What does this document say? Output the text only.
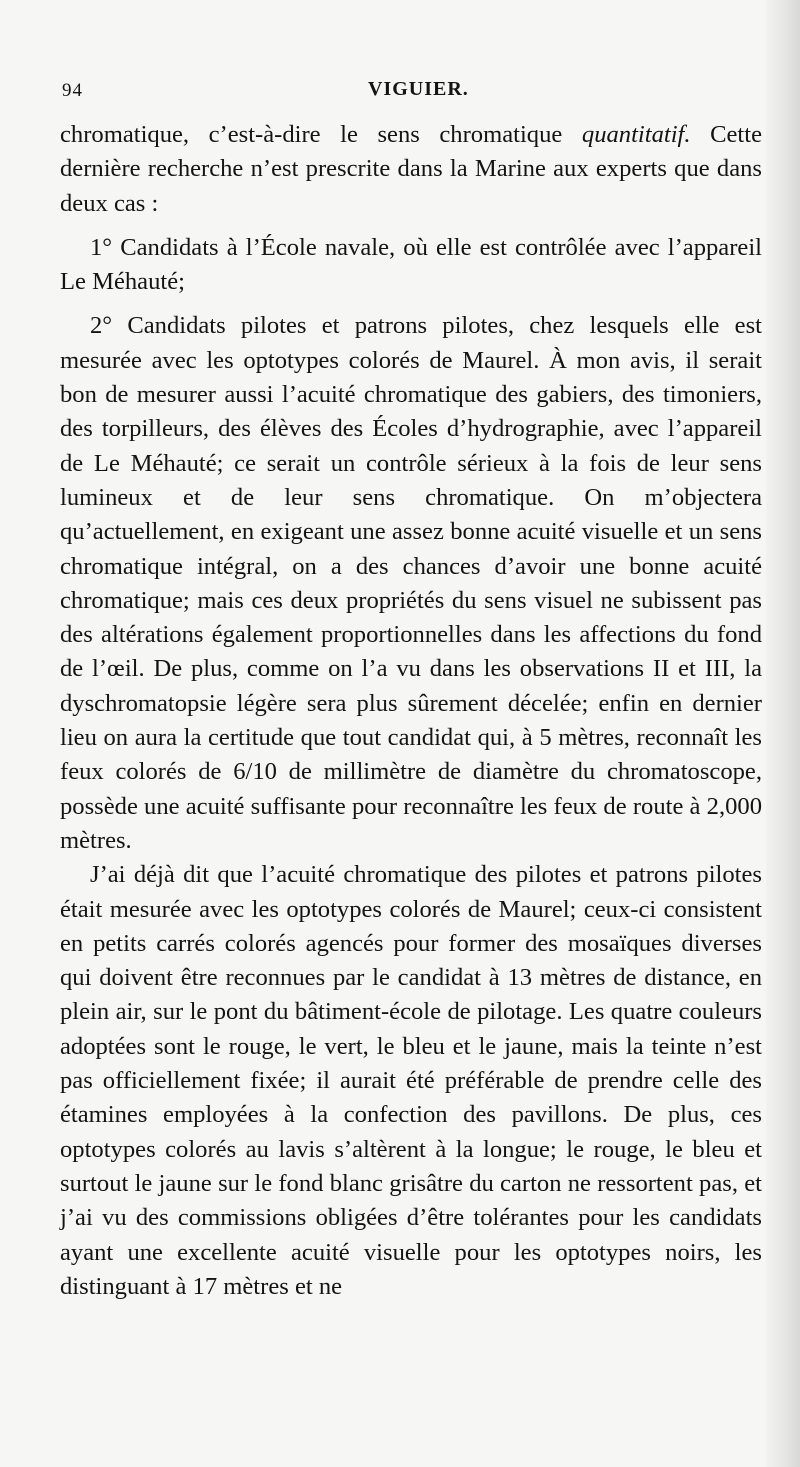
94	VIGUIER.

chromatique, c’est-à-dire le sens chromatique quantitatif. Cette dernière recherche n’est prescrite dans la Marine aux experts que dans deux cas :

1° Candidats à l’École navale, où elle est contrôlée avec l’appareil Le Méhauté;

2° Candidats pilotes et patrons pilotes, chez lesquels elle est mesurée avec les optotypes colorés de Maurel. À mon avis, il serait bon de mesurer aussi l’acuité chromatique des gabiers, des timoniers, des torpilleurs, des élèves des Écoles d’hydrographie, avec l’appareil de Le Méhauté; ce serait un contrôle sérieux à la fois de leur sens lumineux et de leur sens chromatique. On m’objectera qu’actuellement, en exigeant une assez bonne acuité visuelle et un sens chromatique intégral, on a des chances d’avoir une bonne acuité chromatique; mais ces deux propriétés du sens visuel ne subissent pas des altérations également proportionnelles dans les affections du fond de l’œil. De plus, comme on l’a vu dans les observations II et III, la dyschromatopsie légère sera plus sûrement décelée; enfin en dernier lieu on aura la certitude que tout candidat qui, à 5 mètres, reconnaît les feux colorés de 6/10 de millimètre de diamètre du chromatoscope, possède une acuité suffisante pour reconnaître les feux de route à 2,000 mètres.

J’ai déjà dit que l’acuité chromatique des pilotes et patrons pilotes était mesurée avec les optotypes colorés de Maurel; ceux-ci consistent en petits carrés colorés agencés pour former des mosaïques diverses qui doivent être reconnues par le candidat à 13 mètres de distance, en plein air, sur le pont du bâtiment-école de pilotage. Les quatre couleurs adoptées sont le rouge, le vert, le bleu et le jaune, mais la teinte n’est pas officiellement fixée; il aurait été préférable de prendre celle des étamines employées à la confection des pavillons. De plus, ces optotypes colorés au lavis s’altèrent à la longue; le rouge, le bleu et surtout le jaune sur le fond blanc grisâtre du carton ne ressortent pas, et j’ai vu des commissions obligées d’être tolérantes pour les candidats ayant une excellente acuité visuelle pour les optotypes noirs, les distinguant à 17 mètres et ne
